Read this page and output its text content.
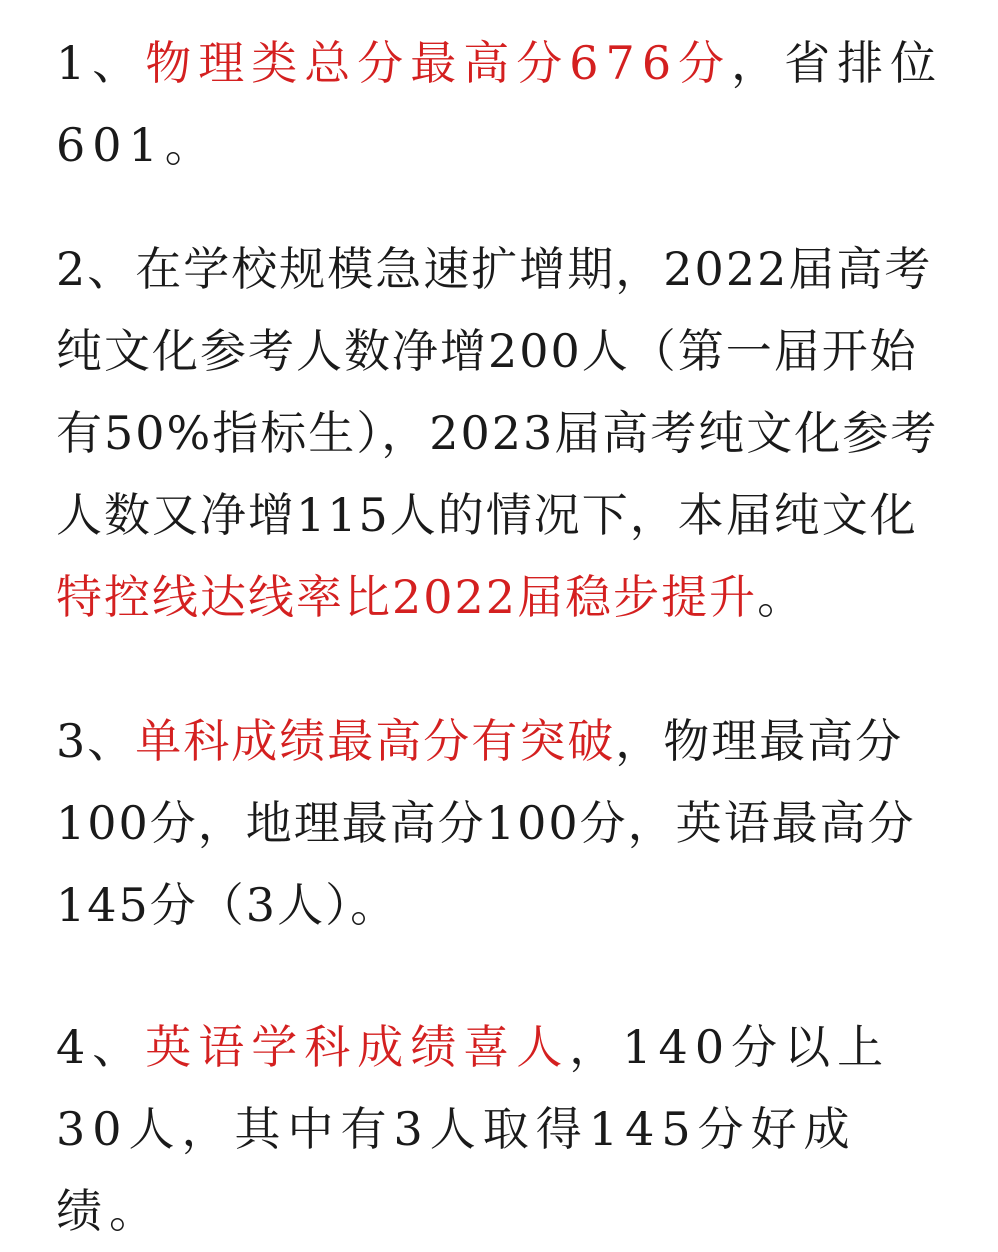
1、物理类总分最高分676分，省排位601。

2、在学校规模急速扩增期，2022届高考纯文化参考人数净增200人（第一届开始有50%指标生），2023届高考纯文化参考人数又净增115人的情况下，本届纯文化特控线达线率比2022届稳步提升。

3、单科成绩最高分有突破，物理最高分100分，地理最高分100分，英语最高分145分（3人）。

4、英语学科成绩喜人，140分以上30人，其中有3人取得145分好成绩。
